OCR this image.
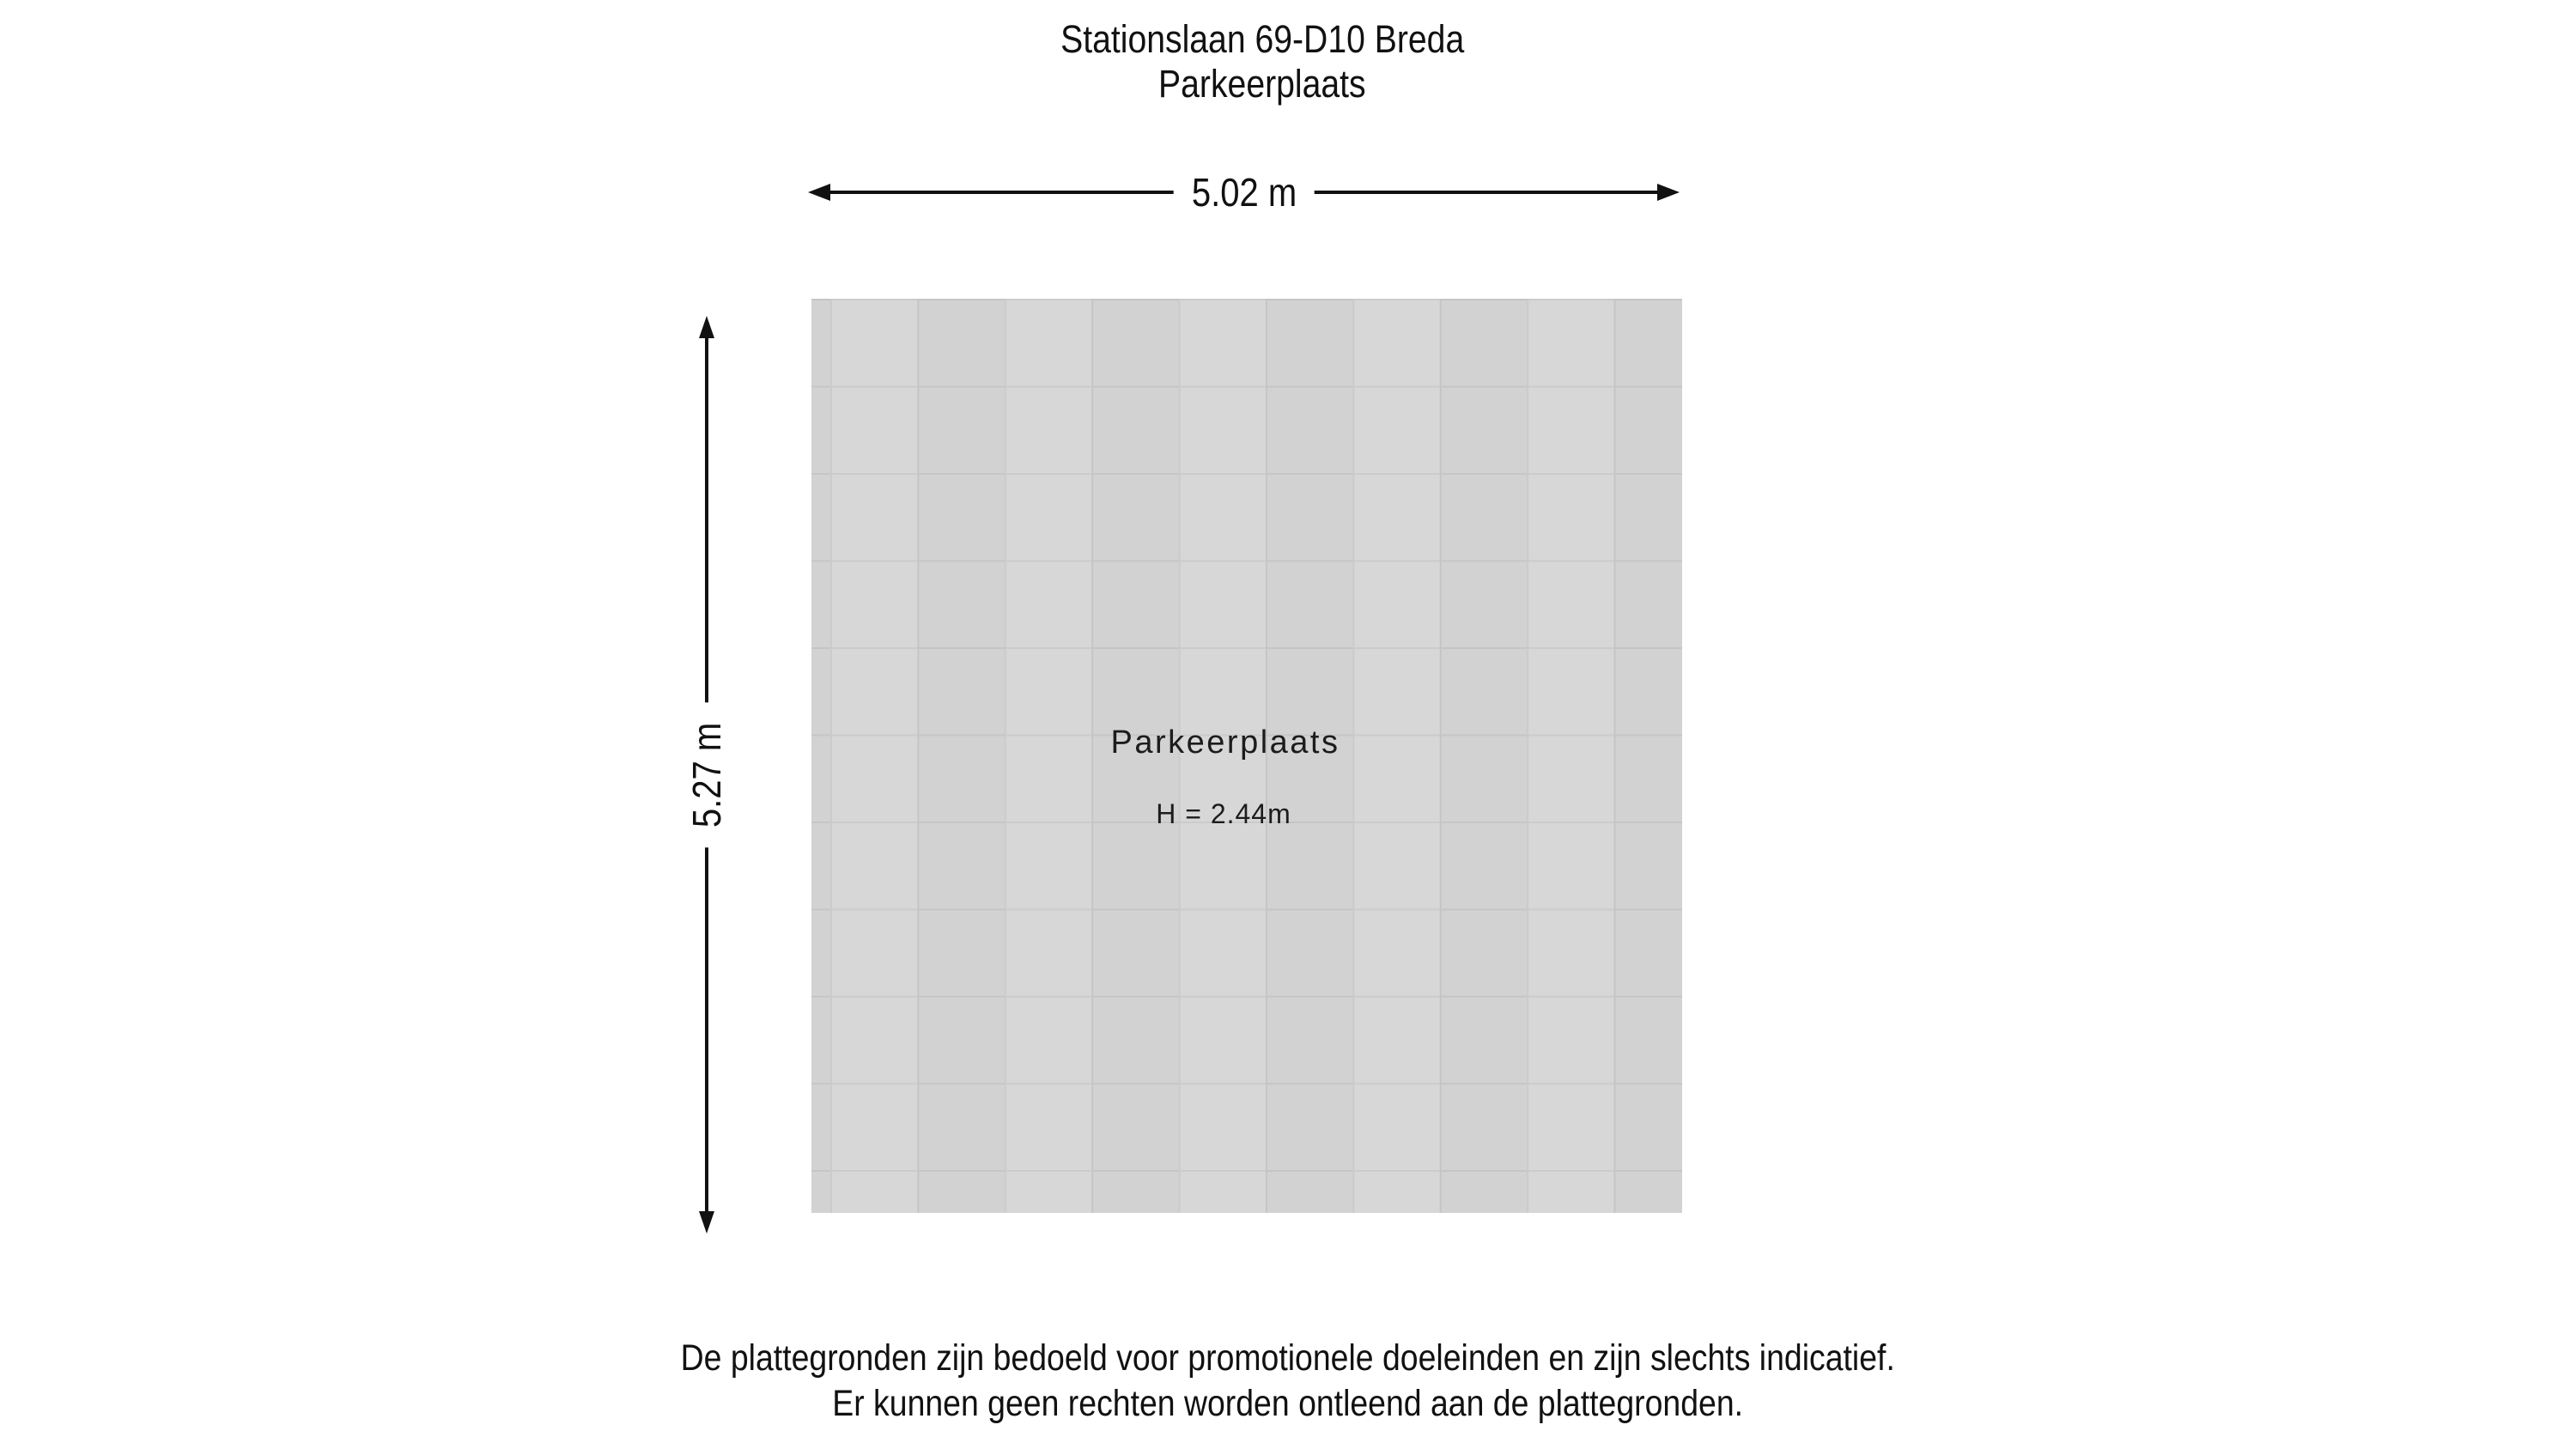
Stationslaan 69-D10 Breda
Parkeerplaats
5.02 m
5.27 m	Parkeerplaats
H = 2.44m
De plattegronden zijn bedoeld voor promotionele doeleinden en zijn slechts indicatief.
Er kunnen geen rechten worden ontleend aan de plattegronden.
